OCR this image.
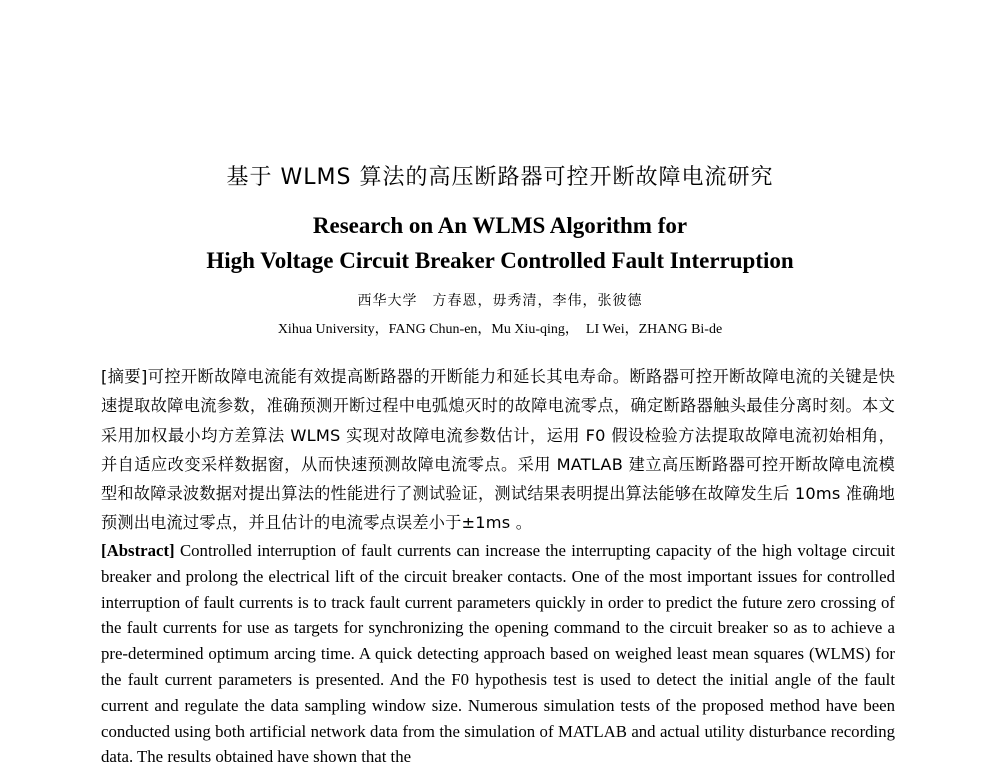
基于 WLMS 算法的高压断路器可控开断故障电流研究
Research on An WLMS Algorithm for
High Voltage Circuit Breaker Controlled Fault Interruption
西华大学　方春恩，毋秀清，李伟，张彼德
Xihua University，FANG Chun-en，Mu Xiu-qing，　LI Wei，ZHANG Bi-de
[摘要]可控开断故障电流能有效提高断路器的开断能力和延长其电寿命。断路器可控开断故障电流的关键是快速提取故障电流参数，准确预测开断过程中电弧熄灭时的故障电流零点，确定断路器触头最佳分离时刻。本文采用加权最小均方差算法 WLMS 实现对故障电流参数估计，运用 F0 假设检验方法提取故障电流初始相角，并自适应改变采样数据窗，从而快速预测故障电流零点。采用 MATLAB 建立高压断路器可控开断故障电流模型和故障录波数据对提出算法的性能进行了测试验证，测试结果表明提出算法能够在故障发生后 10ms 准确地预测出电流过零点，并且估计的电流零点误差小于±1ms 。
[Abstract] Controlled interruption of fault currents can increase the interrupting capacity of the high voltage circuit breaker and prolong the electrical lift of the circuit breaker contacts. One of the most important issues for controlled interruption of fault currents is to track fault current parameters quickly in order to predict the future zero crossing of the fault currents for use as targets for synchronizing the opening command to the circuit breaker so as to achieve a pre-determined optimum arcing time. A quick detecting approach based on weighed least mean squares (WLMS) for the fault current parameters is presented. And the F0 hypothesis test is used to detect the initial angle of the fault current and regulate the data sampling window size. Numerous simulation tests of the proposed method have been conducted using both artificial network data from the simulation of MATLAB and actual utility disturbance recording data. The results obtained have shown that the
